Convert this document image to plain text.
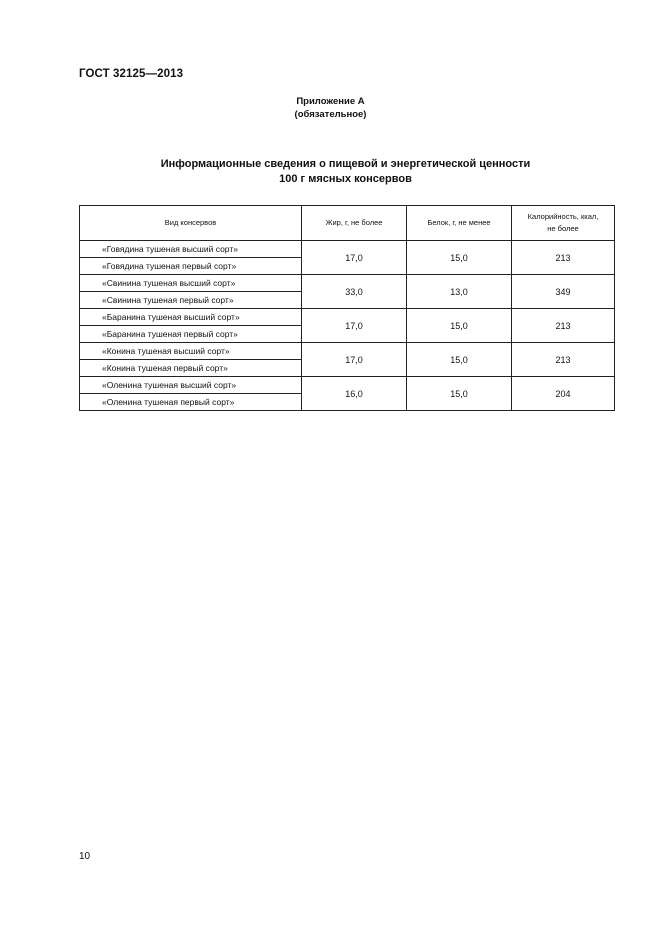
ГОСТ 32125—2013
Приложение А
(обязательное)
Информационные сведения о пищевой и энергетической ценности
100 г мясных консервов
Вид консервов	Жир, г, не более	Белок, г, не менее	Калорийность, ккал,
не более

«Говядина тушеная высший сорт»	17,0	15,0	213
«Говядина тушеная первый сорт»			
«Свинина тушеная высший сорт»	33,0	13,0	349
«Свинина тушеная первый сорт»			
«Баранина тушеная высший сорт»	17,0	15,0	213
«Баранина тушеная первый сорт»			
«Конина тушеная высший сорт»	17,0	15,0	213
«Конина тушеная первый сорт»			
«Оленина тушеная высший сорт»	16,0	15,0	204
«Оленина тушеная первый сорт»			
10
